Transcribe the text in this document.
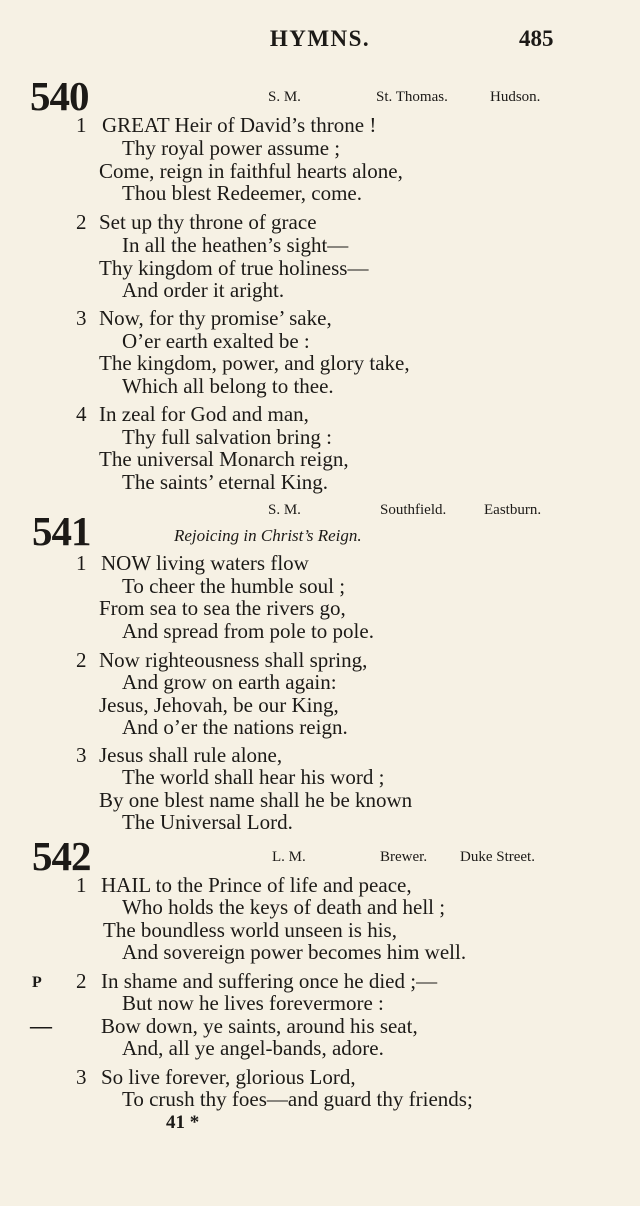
HYMNS.	485
540	S. M.	St. Thomas.	Hudson.
1 GREAT Heir of David’s throne !
Thy royal power assume ;
Come, reign in faithful hearts alone,
Thou blest Redeemer, come.
2 Set up thy throne of grace
In all the heathen’s sight—
Thy kingdom of true holiness—
And order it aright.
3 Now, for thy promise’ sake,
O’er earth exalted be :
The kingdom, power, and glory take,
Which all belong to thee.
4 In zeal for God and man,
Thy full salvation bring :
The universal Monarch reign,
The saints’ eternal King.
S. M.	Southfield.	Eastburn.
541	Rejoicing in Christ’s Reign.
1 NOW living waters flow
To cheer the humble soul ;
From sea to sea the rivers go,
And spread from pole to pole.
2 Now righteousness shall spring,
And grow on earth again:
Jesus, Jehovah, be our King,
And o’er the nations reign.
3 Jesus shall rule alone,
The world shall hear his word ;
By one blest name shall he be known
The Universal Lord.
542	L. M.	Brewer. Duke Street.
1 HAIL to the Prince of life and peace,
Who holds the keys of death and hell ;
The boundless world unseen is his,
And sovereign power becomes him well.
P 2 In shame and suffering once he died ;—
But now he lives forevermore :
— Bow down, ye saints, around his seat,
And, all ye angel-bands, adore.
3 So live forever, glorious Lord,
To crush thy foes—and guard thy friends;
41 *
